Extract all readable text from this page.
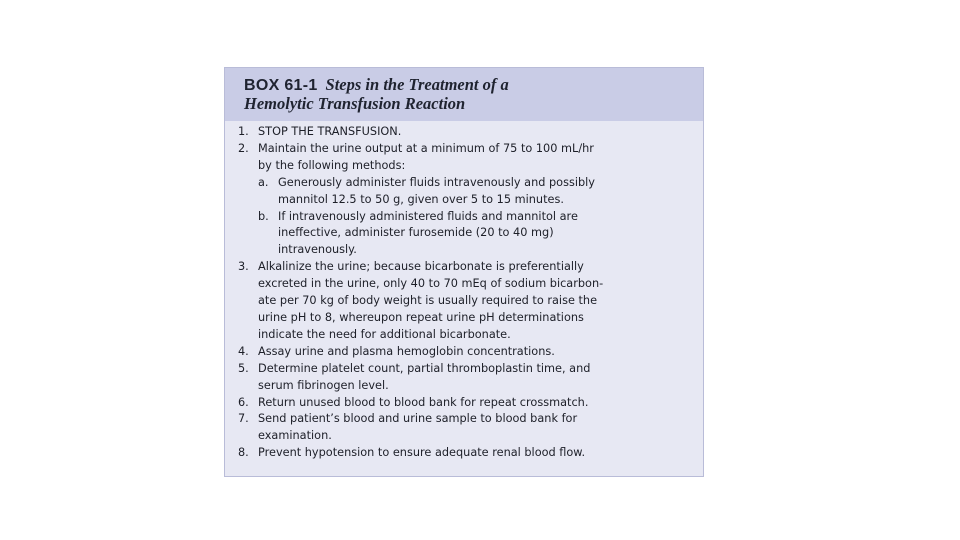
BOX 61-1 Steps in the Treatment of a
Hemolytic Transfusion Reaction
1. STOP THE TRANSFUSION.
2. Maintain the urine output at a minimum of 75 to 100 mL/hr
by the following methods:
a. Generously administer fluids intravenously and possibly
mannitol 12.5 to 50 g, given over 5 to 15 minutes.
b. If intravenously administered fluids and mannitol are
ineffective, administer furosemide (20 to 40 mg)
intravenously.
3. Alkalinize the urine; because bicarbonate is preferentially
excreted in the urine, only 40 to 70 mEq of sodium bicarbon-
ate per 70 kg of body weight is usually required to raise the
urine pH to 8, whereupon repeat urine pH determinations
indicate the need for additional bicarbonate.
4. Assay urine and plasma hemoglobin concentrations.
5. Determine platelet count, partial thromboplastin time, and
serum fibrinogen level.
6. Return unused blood to blood bank for repeat crossmatch.
7. Send patient’s blood and urine sample to blood bank for
examination.
8. Prevent hypotension to ensure adequate renal blood flow.
